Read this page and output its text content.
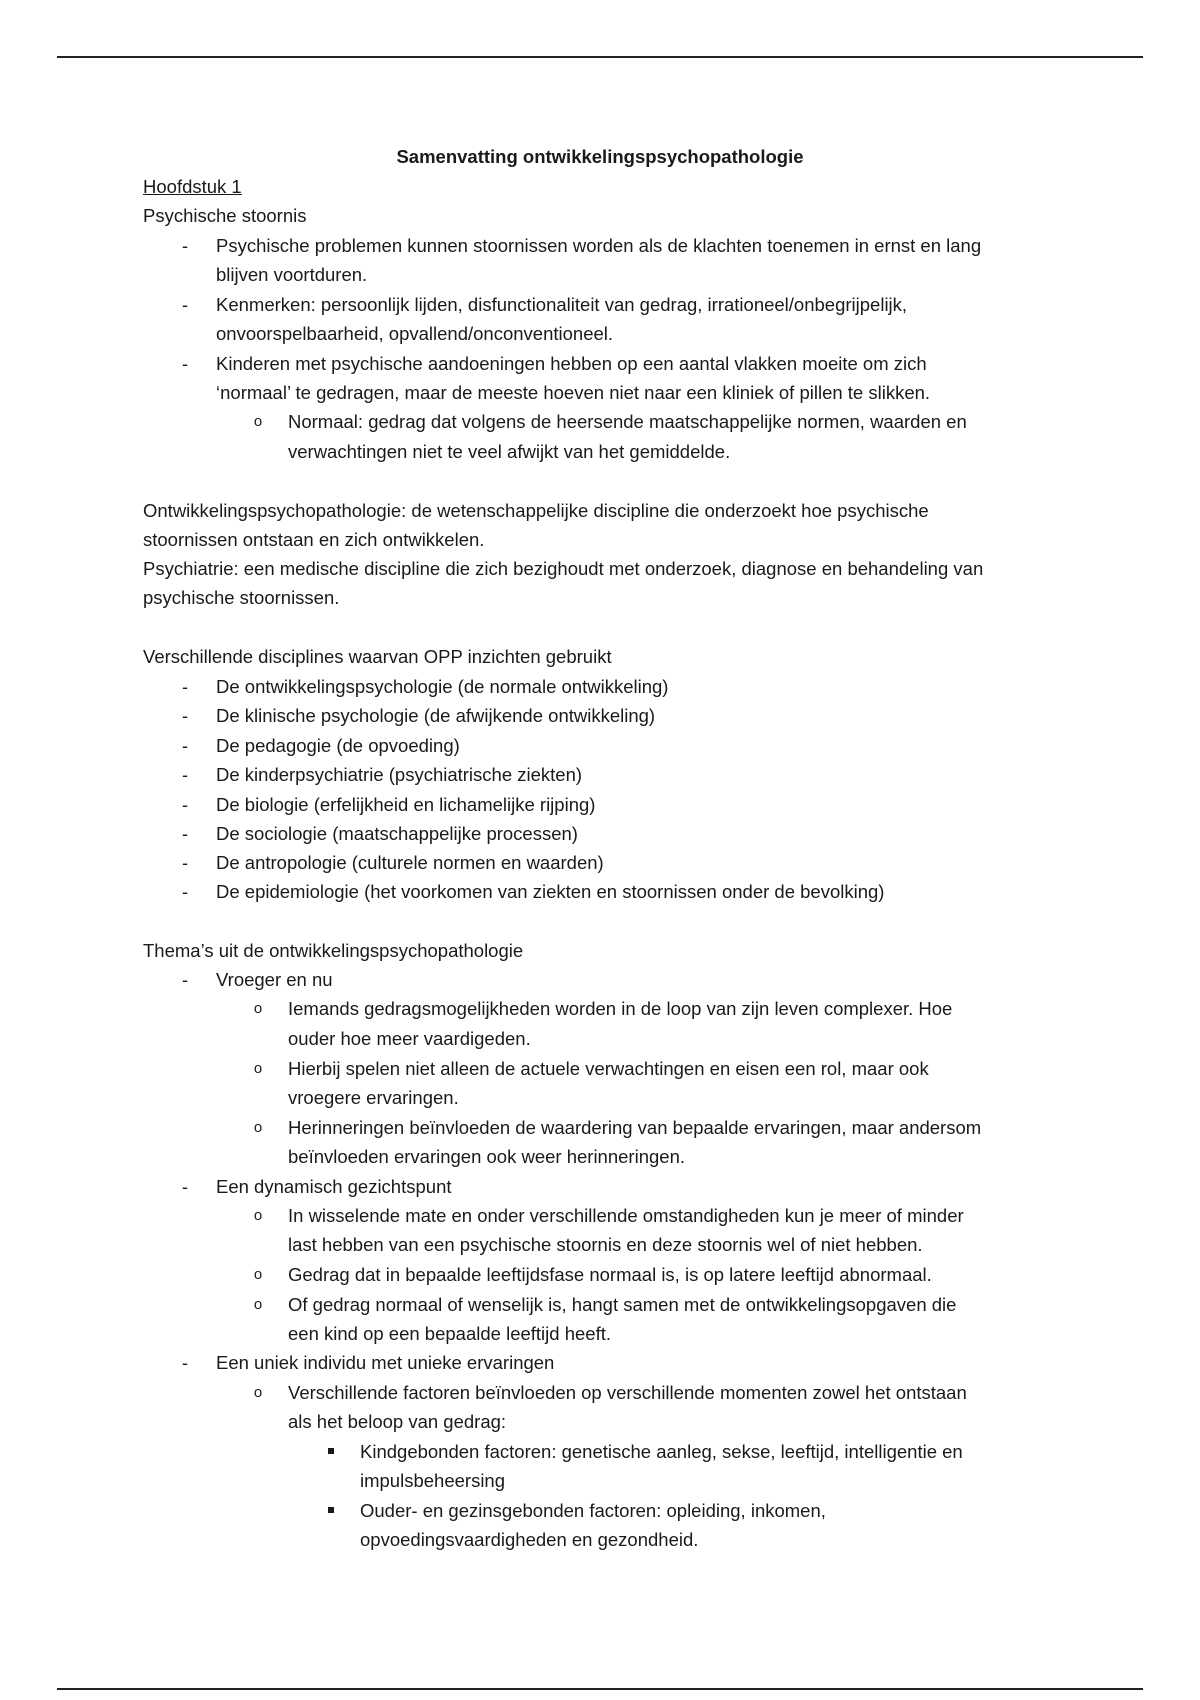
Samenvatting ontwikkelingspsychopathologie
Hoofdstuk 1
Psychische stoornis
- Psychische problemen kunnen stoornissen worden als de klachten toenemen in ernst en lang
blijven voortduren.
- Kenmerken: persoonlijk lijden, disfunctionaliteit van gedrag, irrationeel/onbegrijpelijk,
onvoorspelbaarheid, opvallend/onconventioneel.
- Kinderen met psychische aandoeningen hebben op een aantal vlakken moeite om zich
‘normaal’ te gedragen, maar de meeste hoeven niet naar een kliniek of pillen te slikken.
o Normaal: gedrag dat volgens de heersende maatschappelijke normen, waarden en
verwachtingen niet te veel afwijkt van het gemiddelde.
Ontwikkelingspsychopathologie: de wetenschappelijke discipline die onderzoekt hoe psychische
stoornissen ontstaan en zich ontwikkelen.
Psychiatrie: een medische discipline die zich bezighoudt met onderzoek, diagnose en behandeling van
psychische stoornissen.
Verschillende disciplines waarvan OPP inzichten gebruikt
- De ontwikkelingspsychologie (de normale ontwikkeling)
- De klinische psychologie (de afwijkende ontwikkeling)
- De pedagogie (de opvoeding)
- De kinderpsychiatrie (psychiatrische ziekten)
- De biologie (erfelijkheid en lichamelijke rijping)
- De sociologie (maatschappelijke processen)
- De antropologie (culturele normen en waarden)
- De epidemiologie (het voorkomen van ziekten en stoornissen onder de bevolking)
Thema’s uit de ontwikkelingspsychopathologie
- Vroeger en nu
o Iemands gedragsmogelijkheden worden in de loop van zijn leven complexer. Hoe
ouder hoe meer vaardigeden.
o Hierbij spelen niet alleen de actuele verwachtingen en eisen een rol, maar ook
vroegere ervaringen.
o Herinneringen beïnvloeden de waardering van bepaalde ervaringen, maar andersom
beïnvloeden ervaringen ook weer herinneringen.
- Een dynamisch gezichtspunt
o In wisselende mate en onder verschillende omstandigheden kun je meer of minder
last hebben van een psychische stoornis en deze stoornis wel of niet hebben.
o Gedrag dat in bepaalde leeftijdsfase normaal is, is op latere leeftijd abnormaal.
o Of gedrag normaal of wenselijk is, hangt samen met de ontwikkelingsopgaven die
een kind op een bepaalde leeftijd heeft.
- Een uniek individu met unieke ervaringen
o Verschillende factoren beïnvloeden op verschillende momenten zowel het ontstaan
als het beloop van gedrag:
Kindgebonden factoren: genetische aanleg, sekse, leeftijd, intelligentie en
impulsbeheersing
Ouder- en gezinsgebonden factoren: opleiding, inkomen,
opvoedingsvaardigheden en gezondheid.
